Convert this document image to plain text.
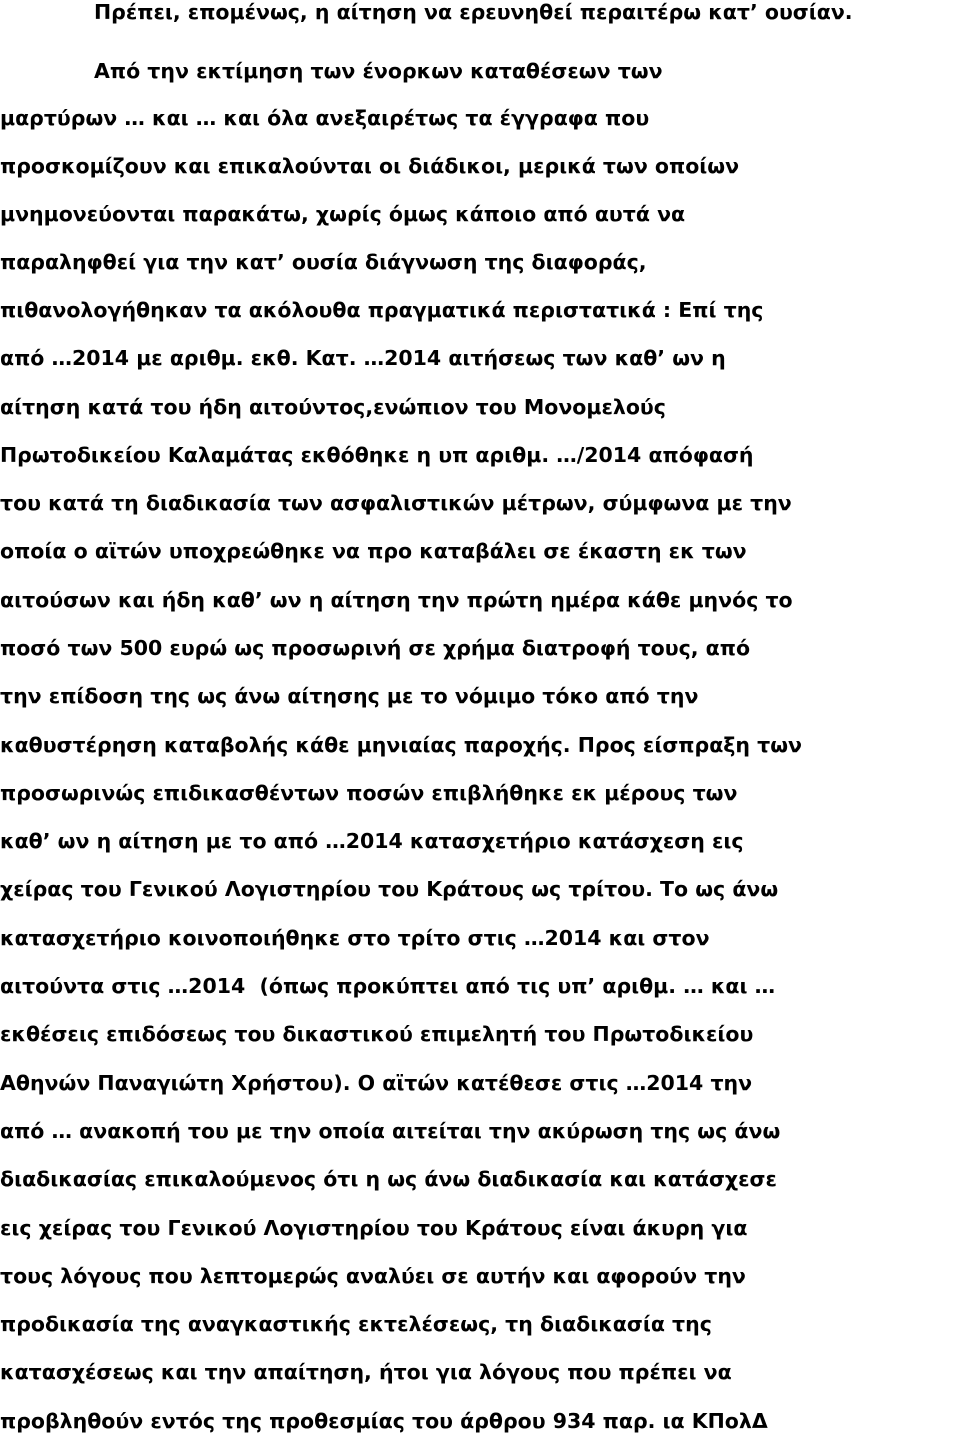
Πρέπει, επομένως, η αίτηση να ερευνηθεί περαιτέρω κατ’ ουσίαν.

Από την εκτίμηση των ένορκων καταθέσεων των

μαρτύρων … και … και όλα ανεξαιρέτως τα έγγραφα που

προσκομίζουν και επικαλούνται οι διάδικοι, μερικά των οποίων

μνημονεύονται παρακάτω, χωρίς όμως κάποιο από αυτά να

παραληφθεί για την κατ’ ουσία διάγνωση της διαφοράς,

πιθανολογήθηκαν τα ακόλουθα πραγματικά περιστατικά : Επί της

από …2014 με αριθμ. εκθ. Κατ. …2014 αιτήσεως των καθ’ ων η

αίτηση κατά του ήδη αιτούντος,ενώπιον του Μονομελούς

Πρωτοδικείου Καλαμάτας εκθόθηκε η υπ αριθμ. …/2014 απόφασή

του κατά τη διαδικασία των ασφαλιστικών μέτρων, σύμφωνα με την

οποία ο αϊτών υποχρεώθηκε να προ καταβάλει σε έκαστη εκ των

αιτούσων και ήδη καθ’ ων η αίτηση την πρώτη ημέρα κάθε μηνός το

ποσό των 500 ευρώ ως προσωρινή σε χρήμα διατροφή τους, από

την επίδοση της ως άνω αίτησης με το νόμιμο τόκο από την

καθυστέρηση καταβολής κάθε μηνιαίας παροχής. Προς είσπραξη των

προσωρινώς επιδικασθέντων ποσών επιβλήθηκε εκ μέρους των

καθ’ ων η αίτηση με το από …2014 κατασχετήριο κατάσχεση εις

χείρας του Γενικού Λογιστηρίου του Κράτους ως τρίτου. Το ως άνω

κατασχετήριο κοινοποιήθηκε στο τρίτο στις …2014 και στον

αιτούντα στις …2014  (όπως προκύπτει από τις υπ’ αριθμ. … και …

εκθέσεις επιδόσεως του δικαστικού επιμελητή του Πρωτοδικείου

Αθηνών Παναγιώτη Χρήστου). Ο αϊτών κατέθεσε στις …2014 την

από … ανακοπή του με την οποία αιτείται την ακύρωση της ως άνω

διαδικασίας επικαλούμενος ότι η ως άνω διαδικασία και κατάσχεσε

εις χείρας του Γενικού Λογιστηρίου του Κράτους είναι άκυρη για

τους λόγους που λεπτομερώς αναλύει σε αυτήν και αφορούν την

προδικασία της αναγκαστικής εκτελέσεως, τη διαδικασία της

κατασχέσεως και την απαίτηση, ήτοι για λόγους που πρέπει να

προβληθούν εντός της προθεσμίας του άρθρου 934 παρ. ια ΚΠολΔ
